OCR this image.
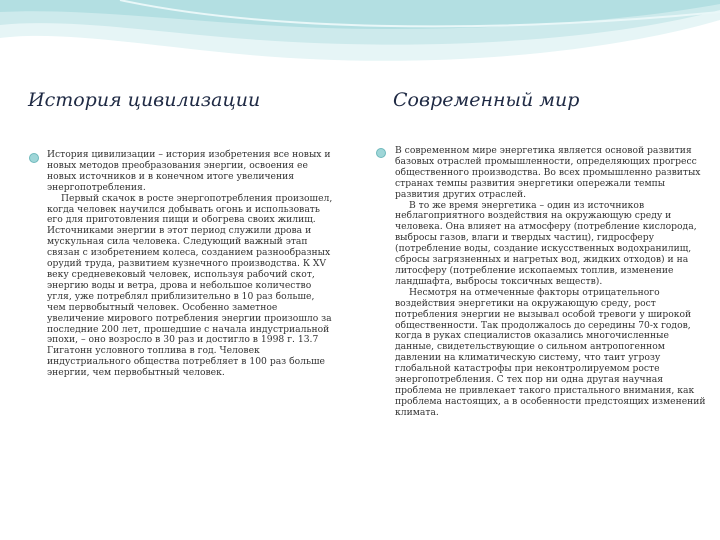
История цивилизации	Современный мир

История цивилизации – история изобретения все новых и новых методов преобразования энергии, освоения ее новых источников и в конечном итоге увеличения энергопотребления.

Первый скачок в росте энергопотребления произошел, когда человек научился добывать огонь и использовать его для приготовления пищи и обогрева своих жилищ. Источниками энергии в этот период служили дрова и мускульная сила человека. Следующий важный этап связан с изобретением колеса, созданием разнообразных орудий труда, развитием кузнечного производства. К XV веку средневековый человек, используя рабочий скот, энергию воды и ветра, дрова и небольшое количество угля, уже потреблял приблизительно в 10 раз больше, чем первобытный человек. Особенно заметное увеличение мирового потребления энергии произошло за последние 200 лет, прошедшие с начала индустриальной эпохи, – оно возросло в 30 раз и достигло в 1998 г. 13.7 Гигатонн условного топлива в год. Человек индустриального общества потребляет в 100 раз больше энергии, чем первобытный человек.

В современном мире энергетика является основой развития базовых отраслей промышленности, определяющих прогресс общественного производства. Во всех промышленно развитых странах темпы развития энергетики опережали темпы развития других отраслей.

В то же время энергетика – один из источников неблагоприятного воздействия на окружающую среду и человека. Она влияет на атмосферу (потребление кислорода, выбросы газов, влаги и твердых частиц), гидросферу (потребление воды, создание искусственных водохранилищ, сбросы загрязненных и нагретых вод, жидких отходов) и на литосферу (потребление ископаемых топлив, изменение ландшафта, выбросы токсичных веществ).

Несмотря на отмеченные факторы отрицательного воздействия энергетики на окружающую среду, рост потребления энергии не вызывал особой тревоги у широкой общественности. Так продолжалось до середины 70-х годов, когда в руках специалистов оказались многочисленные данные, свидетельствующие о сильном антропогенном давлении на климатическую систему, что таит угрозу глобальной катастрофы при неконтролируемом росте энергопотребления. С тех пор ни одна другая научная проблема не привлекает такого пристального внимания, как проблема настоящих, а в особенности предстоящих изменений климата.
